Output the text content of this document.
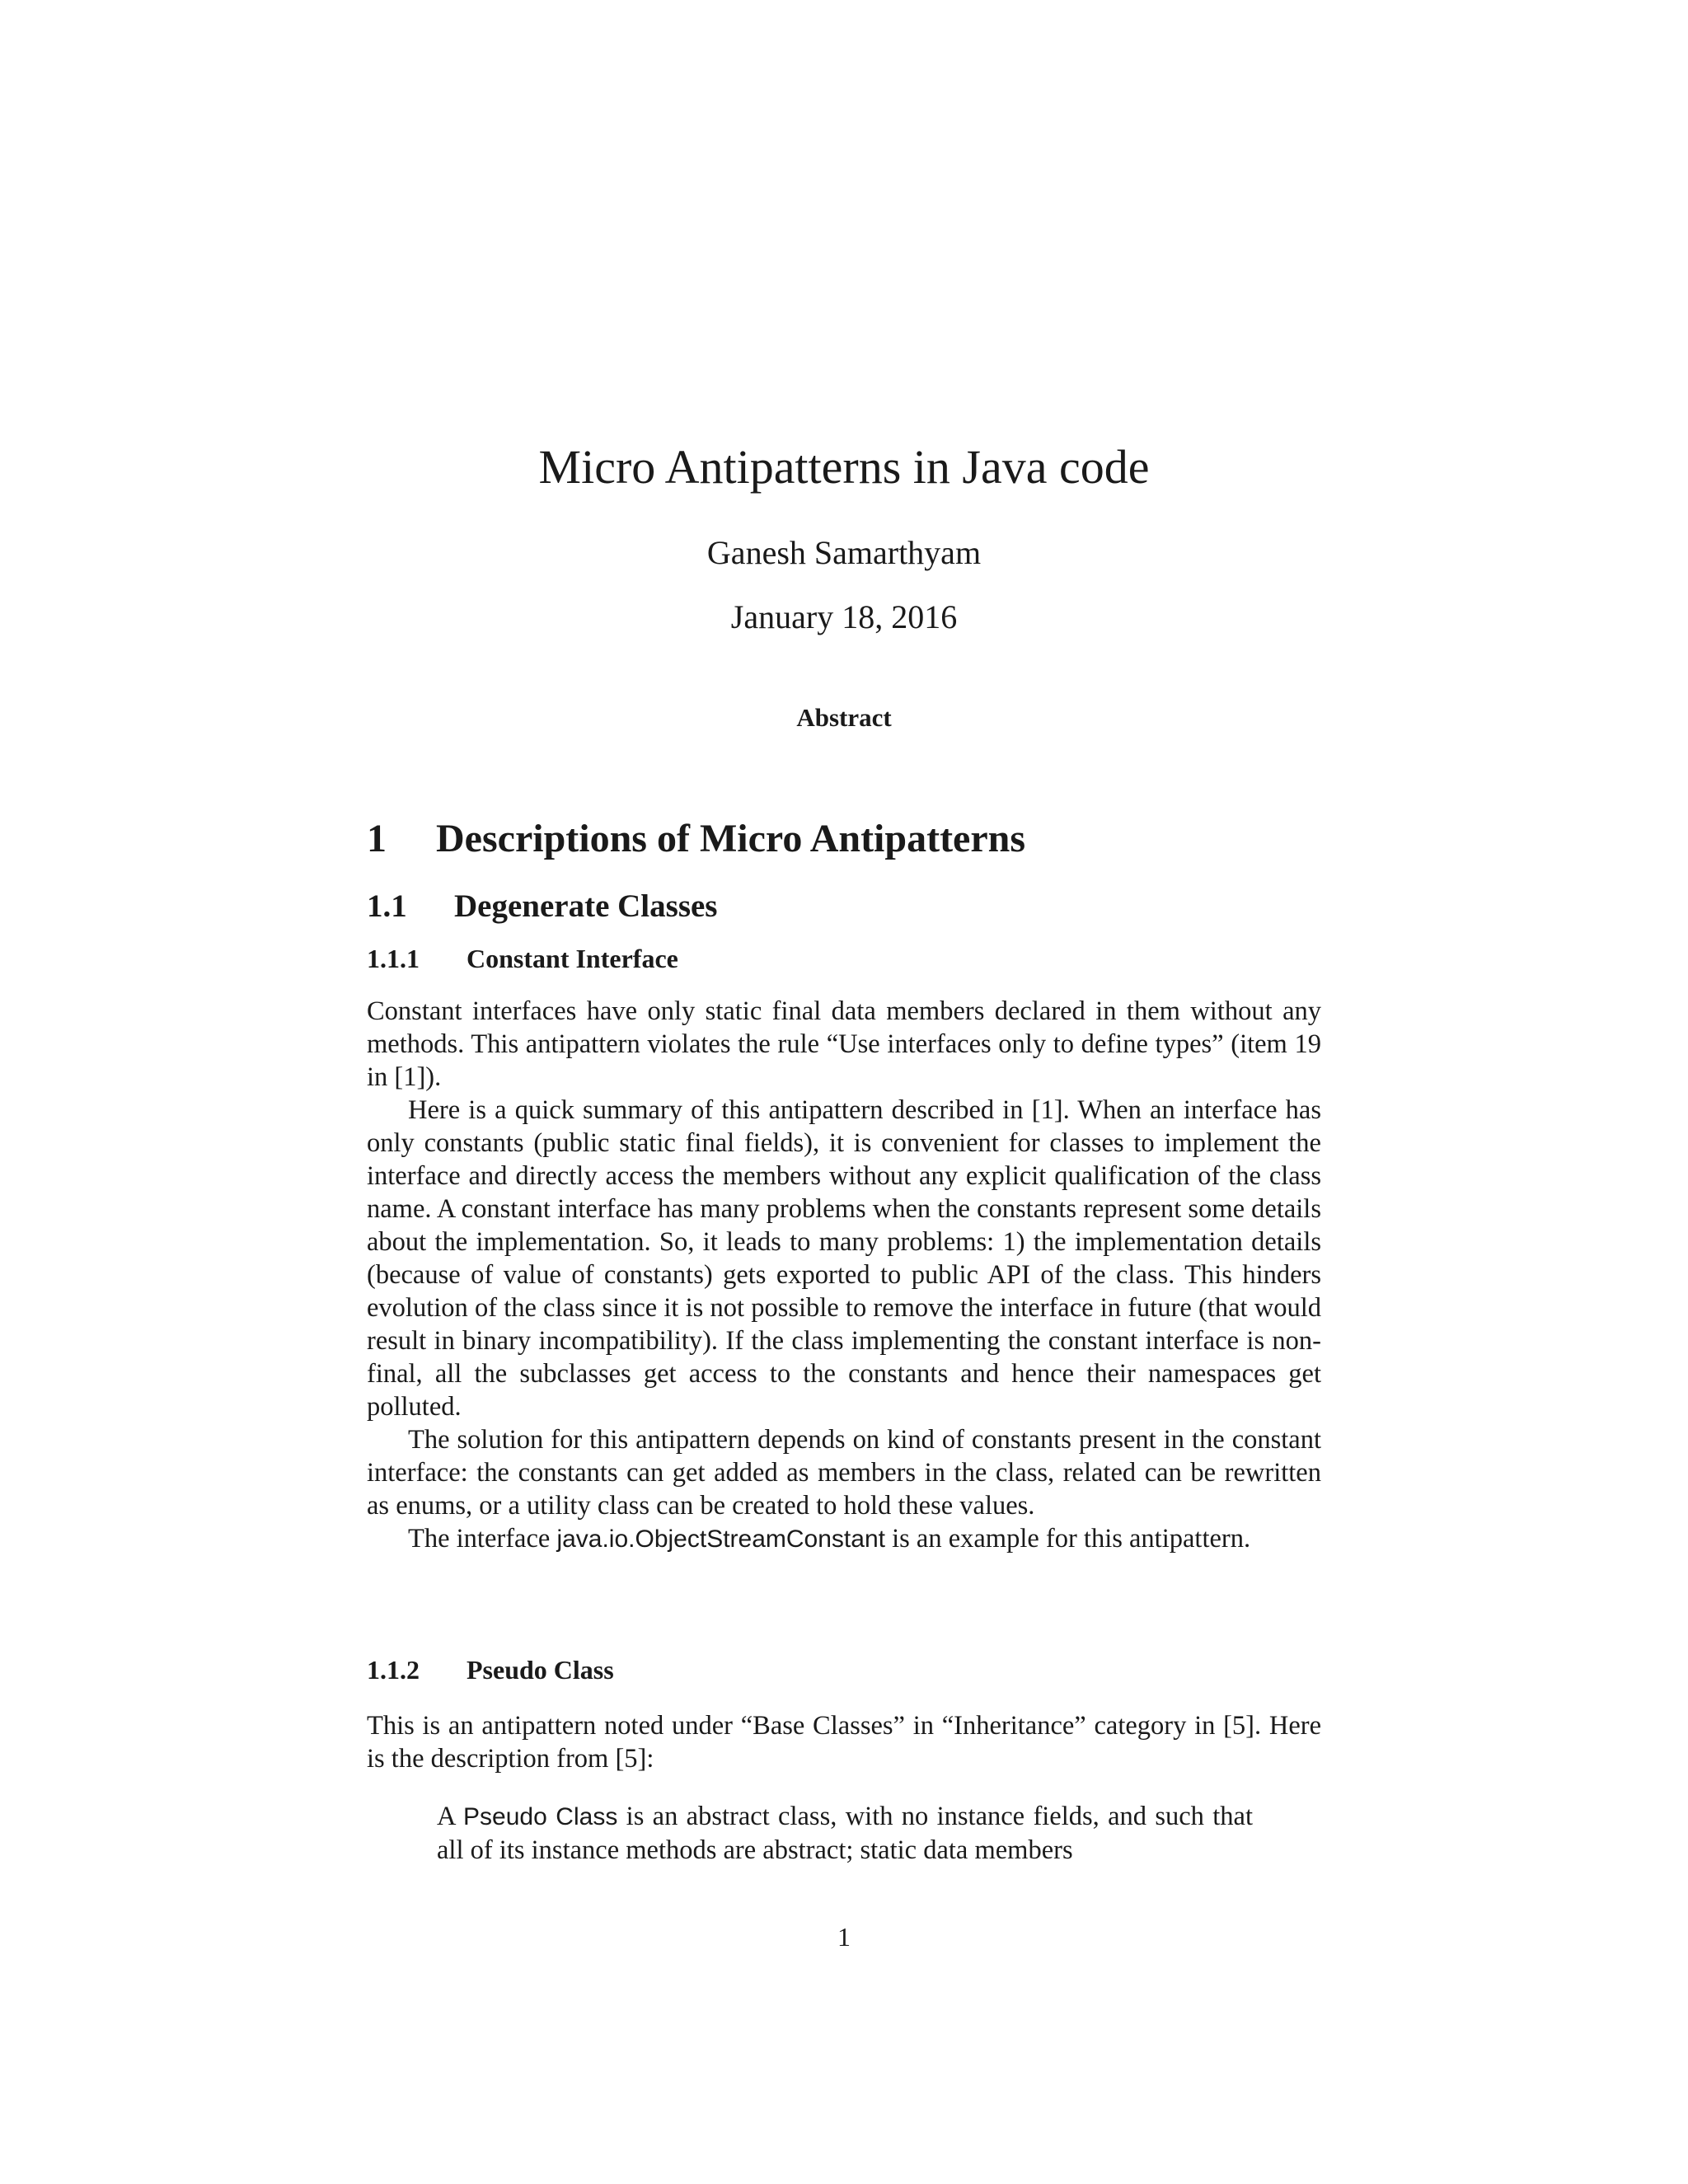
Micro Antipatterns in Java code
Ganesh Samarthyam
January 18, 2016
Abstract
1 Descriptions of Micro Antipatterns
1.1 Degenerate Classes
1.1.1 Constant Interface

Constant interfaces have only static final data members declared in them without any methods. This antipattern violates the rule “Use interfaces only to define types” (item 19 in [1]).

Here is a quick summary of this antipattern described in [1]. When an interface has only constants (public static final fields), it is convenient for classes to implement the interface and directly access the members without any explicit qualification of the class name. A constant interface has many problems when the constants represent some details about the implementation. So, it leads to many problems: 1) the implementation details (because of value of constants) gets exported to public API of the class. This hinders evolution of the class since it is not possible to remove the interface in future (that would result in binary incompatibility). If the class implementing the constant interface is non-final, all the subclasses get access to the constants and hence their namespaces get polluted.

The solution for this antipattern depends on kind of constants present in the constant interface: the constants can get added as members in the class, related can be rewritten as enums, or a utility class can be created to hold these values.

The interface java.io.ObjectStreamConstant is an example for this antipattern.

1.1.2 Pseudo Class

This is an antipattern noted under “Base Classes” in “Inheritance” category in [5]. Here is the description from [5]:

A Pseudo Class is an abstract class, with no instance fields, and such that all of its instance methods are abstract; static data members
1
